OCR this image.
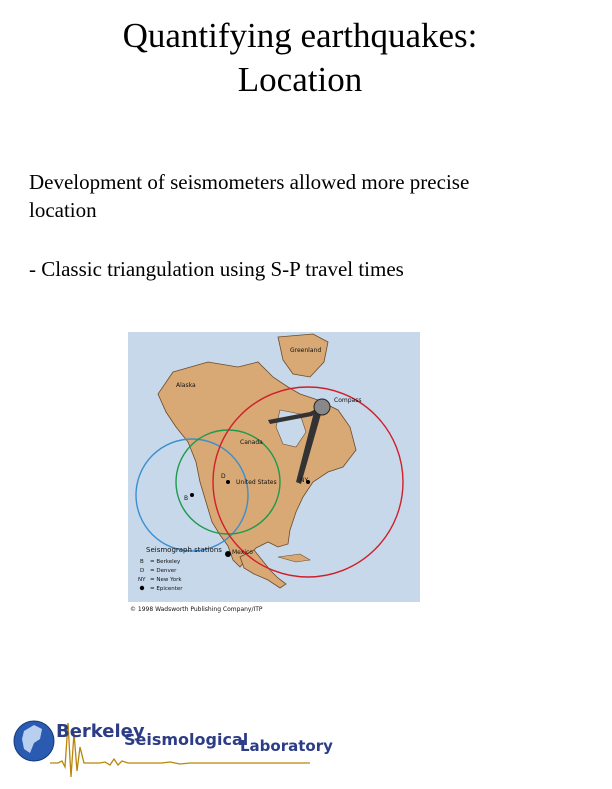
Quantifying earthquakes:
Location

Development of seismometers allowed more precise

location

- Classic triangulation using S-P travel times
Greenland
Alaska
Canada
United States
Mexico
Compass
NY
B
D
Seismograph stations
B = Berkeley
D = Denver
NY = New York
= Epicenter
© 1998 Wadsworth Publishing Company/ITP
Berkeley
Seismological
Laboratory
